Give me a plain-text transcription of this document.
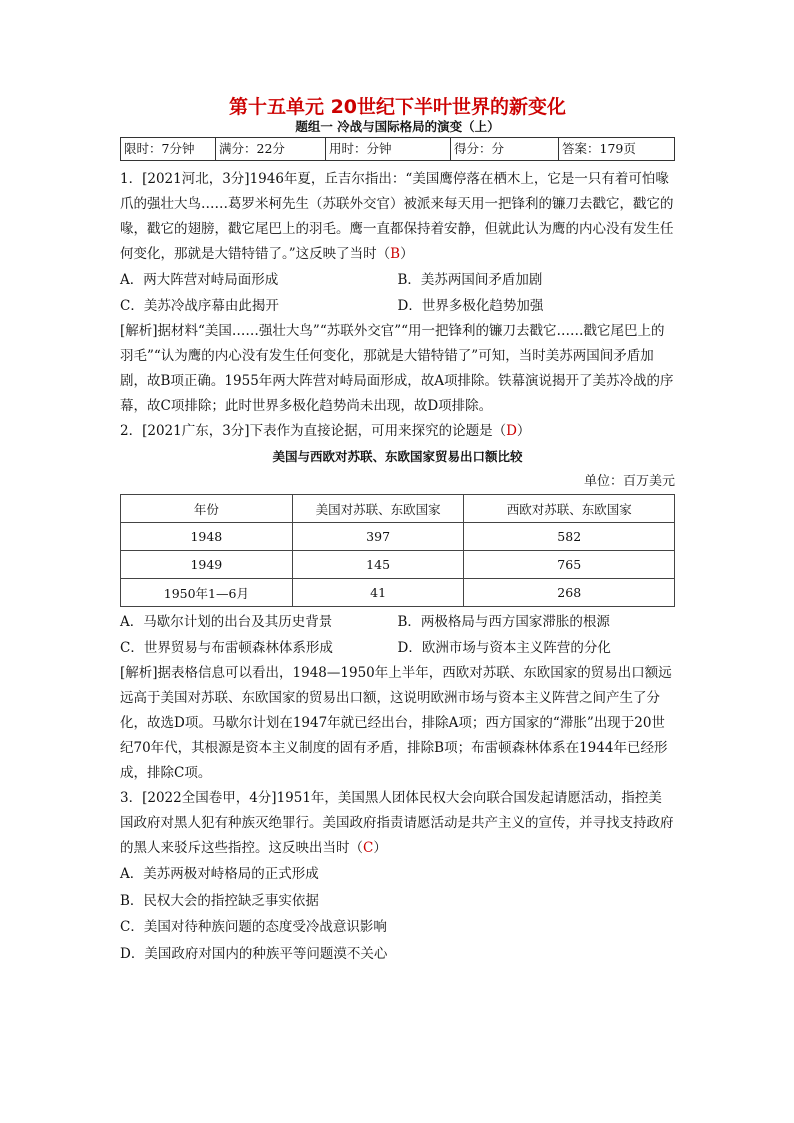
第十五单元 20世纪下半叶世界的新变化
题组一 冷战与国际格局的演变（上）
限时：7分钟	满分：22分	用时：分钟	得分：分	答案：179页

1．[2021河北，3分]1946年夏，丘吉尔指出：“美国鹰停落在栖木上，它是一只有着可怕喙爪的强壮大鸟……葛罗米柯先生（苏联外交官）被派来每天用一把锋利的镰刀去戳它，戳它的喙，戳它的翅膀，戳它尾巴上的羽毛。鹰一直都保持着安静，但就此认为鹰的内心没有发生任何变化，那就是大错特错了。”这反映了当时（B）

A．两大阵营对峙局面形成	B．美苏两国间矛盾加剧
C．美苏冷战序幕由此揭开	D．世界多极化趋势加强

[解析]据材料“美国……强壮大鸟”“苏联外交官”“用一把锋利的镰刀去戳它……戳它尾巴上的羽毛”“认为鹰的内心没有发生任何变化，那就是大错特错了”可知，当时美苏两国间矛盾加剧，故B项正确。1955年两大阵营对峙局面形成，故A项排除。铁幕演说揭开了美苏冷战的序幕，故C项排除；此时世界多极化趋势尚未出现，故D项排除。

2．[2021广东，3分]下表作为直接论据，可用来探究的论题是（D）

美国与西欧对苏联、东欧国家贸易出口额比较
单位：百万美元
年份	美国对苏联、东欧国家	西欧对苏联、东欧国家
1948	397	582
1949	145	765
1950年1—6月	41	268
A．马歇尔计划的出台及其历史背景	B．两极格局与西方国家滞胀的根源
C．世界贸易与布雷顿森林体系形成	D．欧洲市场与资本主义阵营的分化

[解析]据表格信息可以看出，1948—1950年上半年，西欧对苏联、东欧国家的贸易出口额远远高于美国对苏联、东欧国家的贸易出口额，这说明欧洲市场与资本主义阵营之间产生了分化，故选D项。马歇尔计划在1947年就已经出台，排除A项；西方国家的“滞胀”出现于20世纪70年代，其根源是资本主义制度的固有矛盾，排除B项；布雷顿森林体系在1944年已经形成，排除C项。

3．[2022全国卷甲，4分]1951年，美国黑人团体民权大会向联合国发起请愿活动，指控美国政府对黑人犯有种族灭绝罪行。美国政府指责请愿活动是共产主义的宣传，并寻找支持政府的黑人来驳斥这些指控。这反映出当时（C）

A．美苏两极对峙格局的正式形成
B．民权大会的指控缺乏事实依据
C．美国对待种族问题的态度受冷战意识影响
D．美国政府对国内的种族平等问题漠不关心
